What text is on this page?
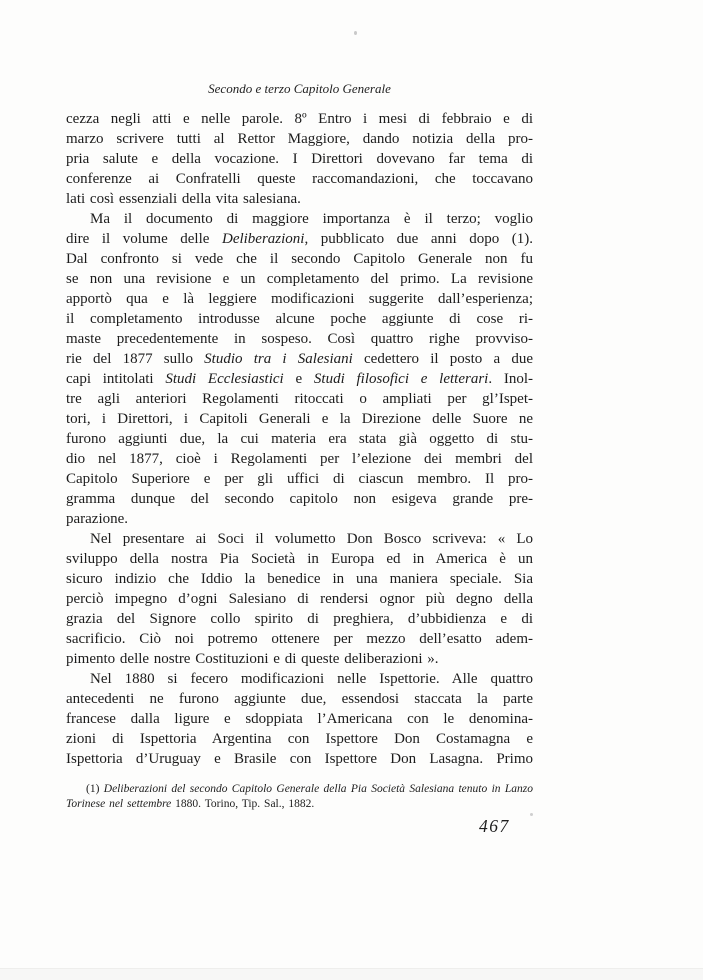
Secondo e terzo Capitolo Generale
cezza negli atti e nelle parole. 8º Entro i mesi di febbraio e di
marzo scrivere tutti al Rettor Maggiore, dando notizia della pro-
pria salute e della vocazione. I Direttori dovevano far tema di
conferenze ai Confratelli queste raccomandazioni, che toccavano
lati così essenziali della vita salesiana.
Ma il documento di maggiore importanza è il terzo; voglio
dire il volume delle Deliberazioni, pubblicato due anni dopo (1).
Dal confronto si vede che il secondo Capitolo Generale non fu
se non una revisione e un completamento del primo. La revisione
apportò qua e là leggiere modificazioni suggerite dall’esperienza;
il completamento introdusse alcune poche aggiunte di cose ri-
maste precedentemente in sospeso. Così quattro righe provviso-
rie del 1877 sullo Studio tra i Salesiani cedettero il posto a due
capi intitolati Studi Ecclesiastici e Studi filosofici e letterari. Inol-
tre agli anteriori Regolamenti ritoccati o ampliati per gl’Ispet-
tori, i Direttori, i Capitoli Generali e la Direzione delle Suore ne
furono aggiunti due, la cui materia era stata già oggetto di stu-
dio nel 1877, cioè i Regolamenti per l’elezione dei membri del
Capitolo Superiore e per gli uffici di ciascun membro. Il pro-
gramma dunque del secondo capitolo non esigeva grande pre-
parazione.
Nel presentare ai Soci il volumetto Don Bosco scriveva: « Lo
sviluppo della nostra Pia Società in Europa ed in America è un
sicuro indizio che Iddio la benedice in una maniera speciale. Sia
perciò impegno d’ogni Salesiano di rendersi ognor più degno della
grazia del Signore collo spirito di preghiera, d’ubbidienza e di
sacrificio. Ciò noi potremo ottenere per mezzo dell’esatto adem-
pimento delle nostre Costituzioni e di queste deliberazioni ».
Nel 1880 si fecero modificazioni nelle Ispettorie. Alle quattro
antecedenti ne furono aggiunte due, essendosi staccata la parte
francese dalla ligure e sdoppiata l’Americana con le denomina-
zioni di Ispettoria Argentina con Ispettore Don Costamagna e
Ispettoria d’Uruguay e Brasile con Ispettore Don Lasagna. Primo
(1) Deliberazioni del secondo Capitolo Generale della Pia Società Salesiana tenuto in Lanzo
Torinese nel settembre 1880. Torino, Tip. Sal., 1882.
467
